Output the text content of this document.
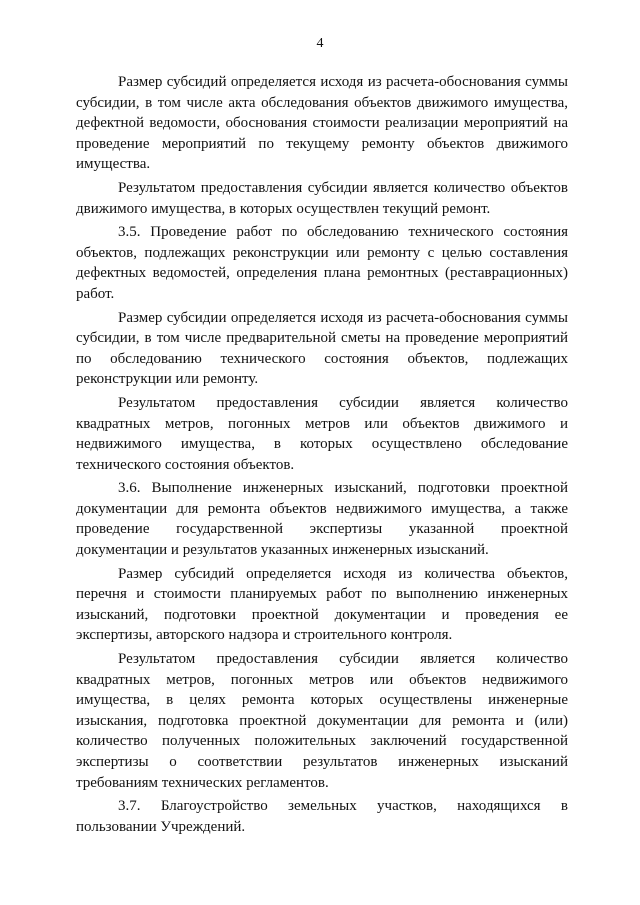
4

Размер субсидий определяется исходя из расчета-обоснования суммы субсидии, в том числе акта обследования объектов движимого имущества, дефектной ведомости, обоснования стоимости реализации мероприятий на проведение мероприятий по текущему ремонту объектов движимого имущества.

Результатом предоставления субсидии является количество объектов движимого имущества, в которых осуществлен текущий ремонт.

3.5. Проведение работ по обследованию технического состояния объектов, подлежащих реконструкции или ремонту с целью составления дефектных ведомостей, определения плана ремонтных (реставрационных) работ.

Размер субсидии определяется исходя из расчета-обоснования суммы субсидии, в том числе предварительной сметы на проведение мероприятий по обследованию технического состояния объектов, подлежащих реконструкции или ремонту.

Результатом предоставления субсидии является количество квадратных метров, погонных метров или объектов движимого и недвижимого имущества, в которых осуществлено обследование технического состояния объектов.

3.6. Выполнение инженерных изысканий, подготовки проектной документации для ремонта объектов недвижимого имущества, а также проведение государственной экспертизы указанной проектной документации и результатов указанных инженерных изысканий.

Размер субсидий определяется исходя из количества объектов, перечня и стоимости планируемых работ по выполнению инженерных изысканий, подготовки проектной документации и проведения ее экспертизы, авторского надзора и строительного контроля.

Результатом предоставления субсидии является количество квадратных метров, погонных метров или объектов недвижимого имущества, в целях ремонта которых осуществлены инженерные изыскания, подготовка проектной документации для ремонта и (или) количество полученных положительных заключений государственной экспертизы о соответствии результатов инженерных изысканий требованиям технических регламентов.

3.7. Благоустройство земельных участков, находящихся в пользовании Учреждений.
